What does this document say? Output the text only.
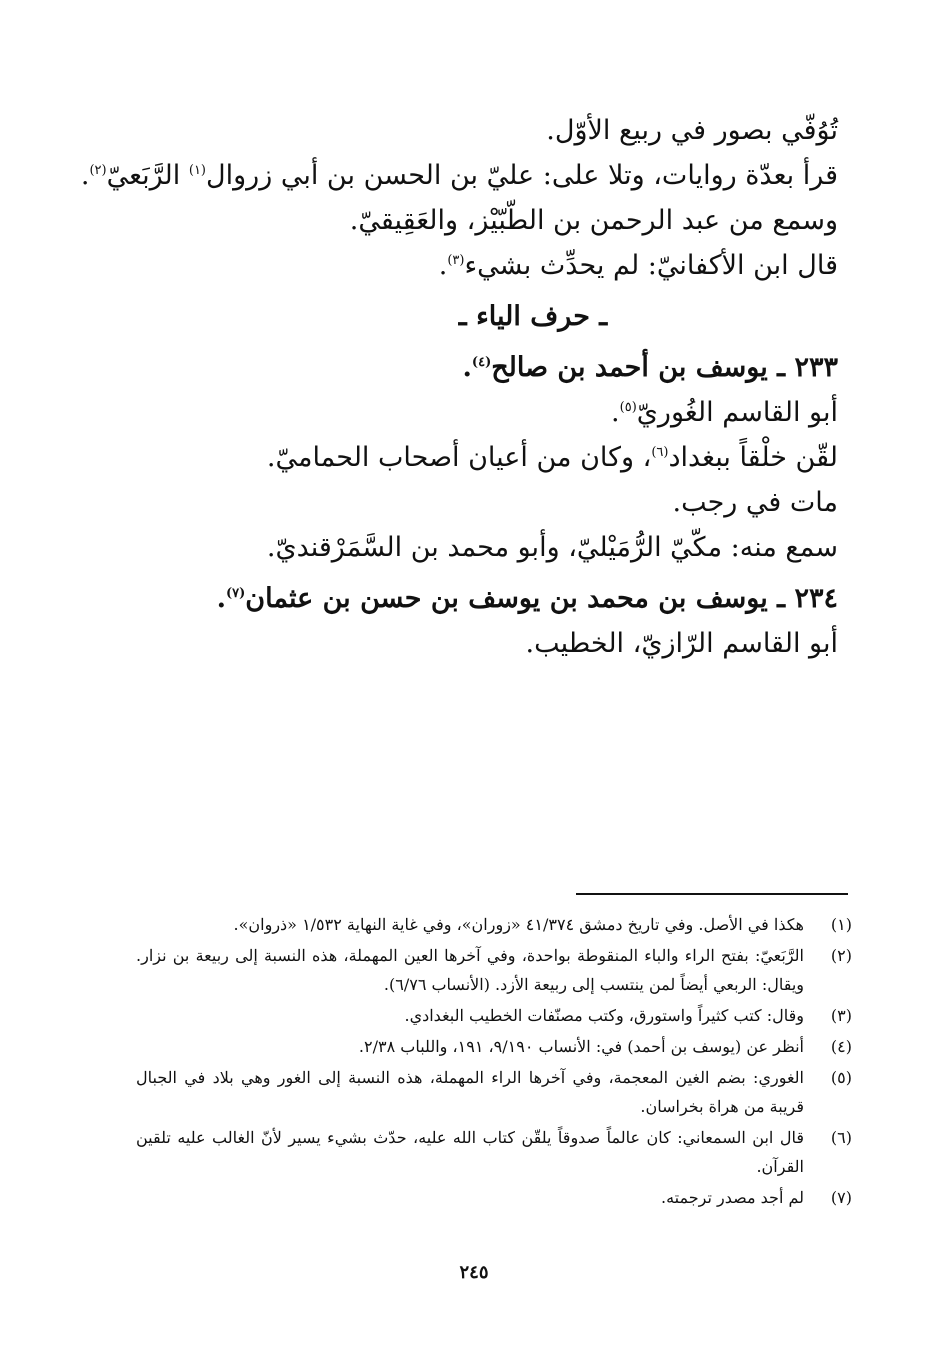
تُوُفّي بصور في ربيع الأوّل.
قرأ بعدّة روايات، وتلا على: عليّ بن الحسن بن أبي زروال$^{(١)}$ الرَّبَعيّ$^{(٢)}$.
وسمع من عبد الرحمن بن الطّبّيْز، والعَقِيقيّ.
قال ابن الأكفانيّ: لم يحدِّث بشيء$^{(٣)}$.
ـ حرف الياء ـ
٢٣٣ ـ يوسف بن أحمد بن صالح$^{(٤)}$.
أبو القاسم الغُوريّ$^{(٥)}$.
لقّن خلْقاً ببغداد$^{(٦)}$، وكان من أعيان أصحاب الحماميّ.
مات في رجب.
سمع منه: مكّيّ الرُّمَيْليّ، وأبو محمد بن السَّمَرْقنديّ.
٢٣٤ ـ يوسف بن محمد بن يوسف بن حسن بن عثمان$^{(٧)}$.
أبو القاسم الرّازيّ، الخطيب.
(١)
هكذا في الأصل. وفي تاريخ دمشق ٤١/٣٧٤ «زوران»، وفي غاية النهاية ١/٥٣٢ «ذروان».
(٢)
الرَّبَعيّ: بفتح الراء والباء المنقوطة بواحدة، وفي آخرها العين المهملة، هذه النسبة إلى ربيعة بن نزار. ويقال: الربعي أيضاً لمن ينتسب إلى ربيعة الأزد. (الأنساب ٦/٧٦).
(٣)
وقال: كتب كثيراً واستورق، وكتب مصنّفات الخطيب البغدادي.
(٤)
أنظر عن (يوسف بن أحمد) في: الأنساب ٩/١٩٠، ١٩١، واللباب ٢/٣٨.
(٥)
الغوري: بضم الغين المعجمة، وفي آخرها الراء المهملة، هذه النسبة إلى الغور وهي بلاد في الجبال قريبة من هراة بخراسان.
(٦)
قال ابن السمعاني: كان عالماً صدوقاً يلقّن كتاب الله عليه، حدّث بشيء يسير لأنّ الغالب عليه تلقين القرآن.
(٧)
لم أجد مصدر ترجمته.
٢٤٥
